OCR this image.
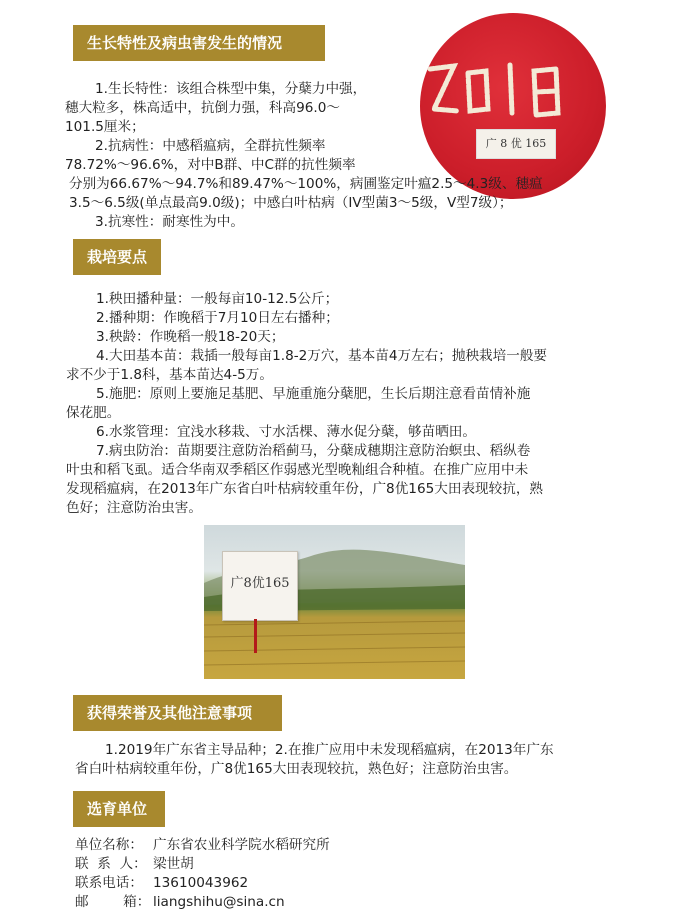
生长特性及病虫害发生的情况
广 8 优 165
1.生长特性：该组合株型中集，分蘖力中强，
穗大粒多，株高适中，抗倒力强，科高96.0～
101.5厘米；
2.抗病性：中感稻瘟病，全群抗性频率
78.72%～96.6%，对中B群、中C群的抗性频率
分别为66.67%～94.7%和89.47%～100%，病圃鉴定叶瘟2.5～4.3级、穗瘟
3.5～6.5级(单点最高9.0级)；中感白叶枯病（IV型菌3～5级，Ⅴ型7级）；
3.抗寒性：耐寒性为中。
栽培要点
1.秧田播种量：一般每亩10-12.5公斤；
2.播种期：作晚稻于7月10日左右播种；
3.秧龄：作晚稻一般18-20天；
4.大田基本苗：栽插一般每亩1.8-2万穴，基本苗4万左右；抛秧栽培一般要
求不少于1.8科，基本苗达4-5万。
5.施肥：原则上要施足基肥、早施重施分蘖肥，生长后期注意看苗情补施
保花肥。
6.水浆管理：宜浅水移栽、寸水活棵、薄水促分蘖，够苗晒田。
7.病虫防治：苗期要注意防治稻蓟马，分蘖成穗期注意防治螟虫、稻纵卷
叶虫和稻飞虱。适合华南双季稻区作弱感光型晚籼组合种植。在推广应用中未
发现稻瘟病，在2013年广东省白叶枯病较重年份，广8优165大田表现较抗，熟
色好；注意防治虫害。
广8优165
获得荣誉及其他注意事项
1.2019年广东省主导品种；2.在推广应用中未发现稻瘟病，在2013年广东
省白叶枯病较重年份，广8优165大田表现较抗，熟色好；注意防治虫害。
选育单位
单位名称： 广东省农业科学院水稻研究所
联  系  人： 梁世胡
联系电话： 13610043962
邮        箱： liangshihu@sina.cn
